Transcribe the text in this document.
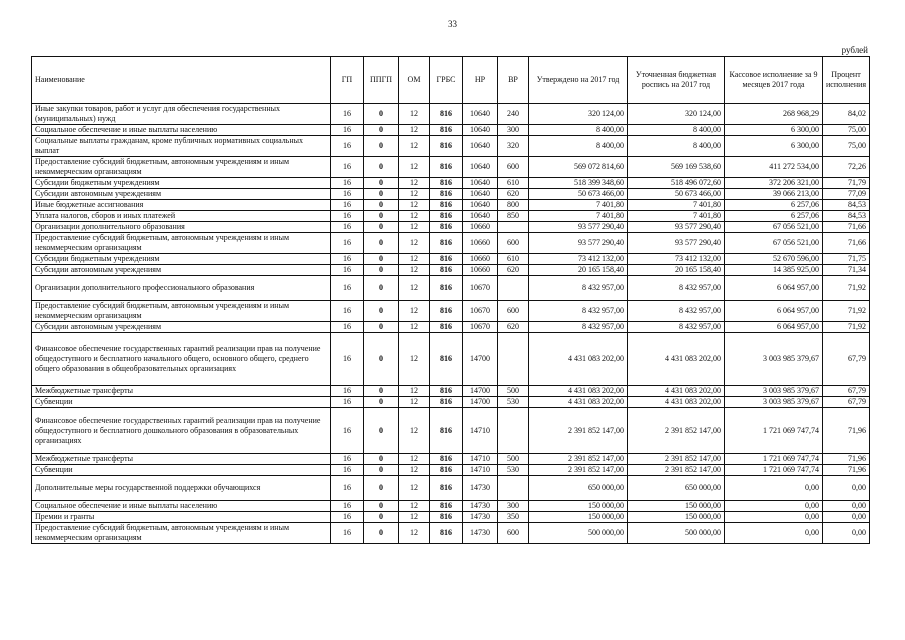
33
рублей
Наименование	ГП	ППГП	ОМ	ГРБС	НР	ВР	Утверждено на 2017 год	Уточненная бюджетная роспись на 2017 год	Кассовое исполнение за 9 месяцев 2017 года	Процент исполнения
Иные закупки товаров, работ и услуг для обеспечения государственных (муниципальных) нужд	16	0	12	816	10640	240	320 124,00	320 124,00	268 968,29	84,02
Социальное обеспечение и иные выплаты населению	16	0	12	816	10640	300	8 400,00	8 400,00	6 300,00	75,00
Социальные выплаты гражданам, кроме публичных нормативных социальных выплат	16	0	12	816	10640	320	8 400,00	8 400,00	6 300,00	75,00
Предоставление субсидий бюджетным, автономным учреждениям и иным некоммерческим организациям	16	0	12	816	10640	600	569 072 814,60	569 169 538,60	411 272 534,00	72,26
Субсидии бюджетным учреждениям	16	0	12	816	10640	610	518 399 348,60	518 496 072,60	372 206 321,00	71,79
Субсидии автономным учреждениям	16	0	12	816	10640	620	50 673 466,00	50 673 466,00	39 066 213,00	77,09
Иные бюджетные ассигнования	16	0	12	816	10640	800	7 401,80	7 401,80	6 257,06	84,53
Уплата налогов, сборов и иных платежей	16	0	12	816	10640	850	7 401,80	7 401,80	6 257,06	84,53
Организации дополнительного образования	16	0	12	816	10660		93 577 290,40	93 577 290,40	67 056 521,00	71,66
Предоставление субсидий бюджетным, автономным учреждениям и иным некоммерческим организациям	16	0	12	816	10660	600	93 577 290,40	93 577 290,40	67 056 521,00	71,66
Субсидии бюджетным учреждениям	16	0	12	816	10660	610	73 412 132,00	73 412 132,00	52 670 596,00	71,75
Субсидии автономным учреждениям	16	0	12	816	10660	620	20 165 158,40	20 165 158,40	14 385 925,00	71,34
Организации дополнительного профессионального образования	16	0	12	816	10670		8 432 957,00	8 432 957,00	6 064 957,00	71,92
Предоставление субсидий бюджетным, автономным учреждениям и иным некоммерческим организациям	16	0	12	816	10670	600	8 432 957,00	8 432 957,00	6 064 957,00	71,92
Субсидии автономным учреждениям	16	0	12	816	10670	620	8 432 957,00	8 432 957,00	6 064 957,00	71,92
Финансовое обеспечение государственных гарантий реализации прав на получение общедоступного и бесплатного начального общего, основного общего, среднего общего образования в общеобразовательных организациях	16	0	12	816	14700		4 431 083 202,00	4 431 083 202,00	3 003 985 379,67	67,79
Межбюджетные трансферты	16	0	12	816	14700	500	4 431 083 202,00	4 431 083 202,00	3 003 985 379,67	67,79
Субвенции	16	0	12	816	14700	530	4 431 083 202,00	4 431 083 202,00	3 003 985 379,67	67,79
Финансовое обеспечение государственных гарантий реализации прав на получение общедоступного и бесплатного дошкольного образования в образовательных организациях	16	0	12	816	14710		2 391 852 147,00	2 391 852 147,00	1 721 069 747,74	71,96
Межбюджетные трансферты	16	0	12	816	14710	500	2 391 852 147,00	2 391 852 147,00	1 721 069 747,74	71,96
Субвенции	16	0	12	816	14710	530	2 391 852 147,00	2 391 852 147,00	1 721 069 747,74	71,96
Дополнительные меры государственной поддержки обучающихся	16	0	12	816	14730		650 000,00	650 000,00	0,00	0,00
Социальное обеспечение и иные выплаты населению	16	0	12	816	14730	300	150 000,00	150 000,00	0,00	0,00
Премии и гранты	16	0	12	816	14730	350	150 000,00	150 000,00	0,00	0,00
Предоставление субсидий бюджетным, автономным учреждениям и иным некоммерческим организациям	16	0	12	816	14730	600	500 000,00	500 000,00	0,00	0,00
